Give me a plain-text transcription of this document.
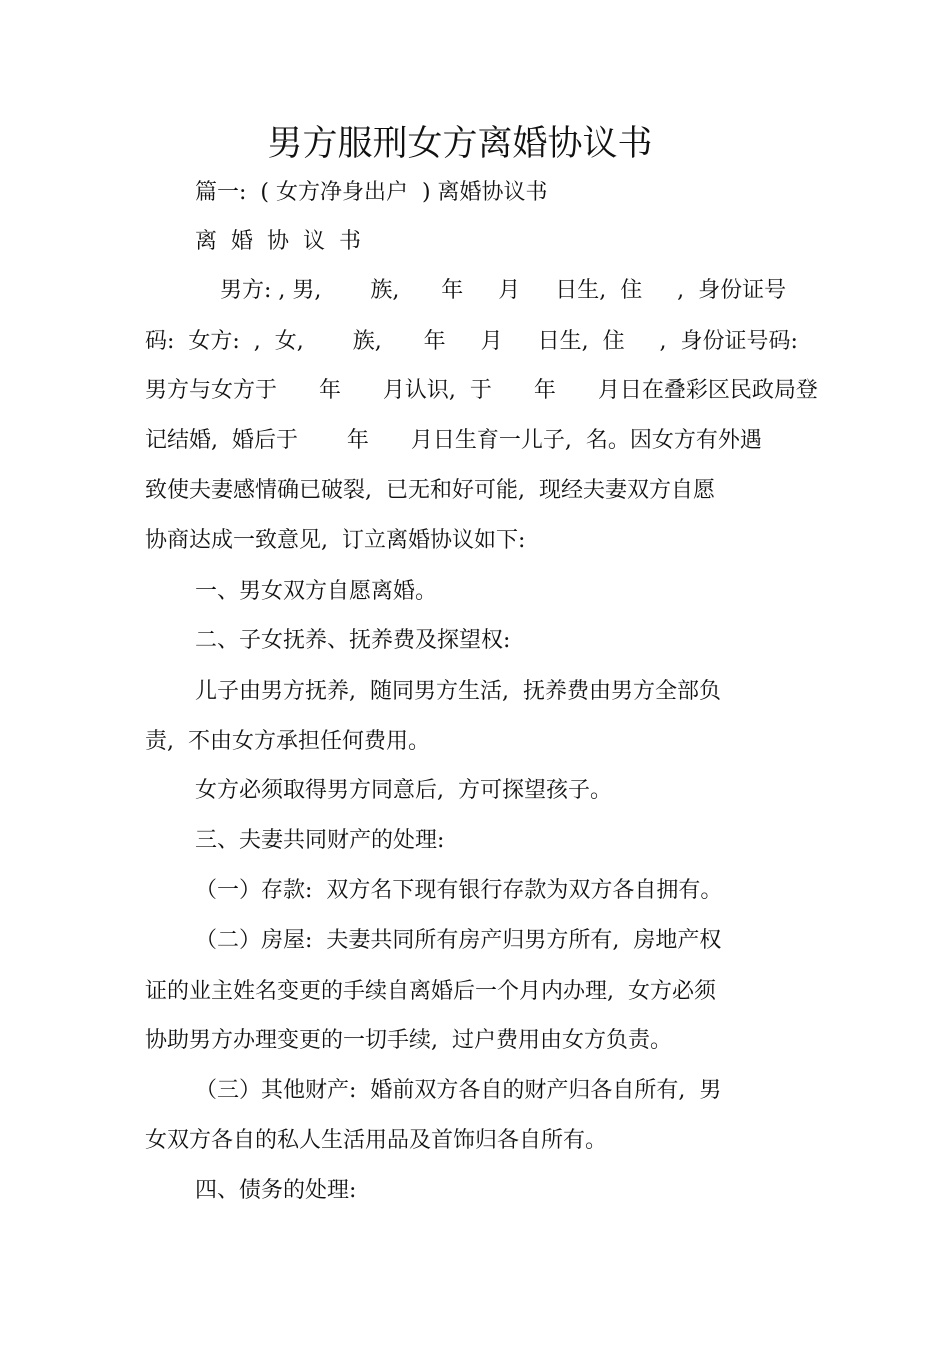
男方服刑女方离婚协议书
篇一:  ( 女方净身出户  ) 离婚协议书
离  婚  协  议  书
男方: , 男,       族,      年     月     日生,  住     ,  身份证号
码:  女方:  ,  女,       族,      年     月     日生,  住     ,  身份证号码:
男方与女方于      年      月认识,  于      年      月日在叠彩区民政局登
记结婚,  婚后于       年      月日生育一儿子,  名。因女方有外遇
致使夫妻感情确已破裂,  已无和好可能,  现经夫妻双方自愿
协商达成一致意见,  订立离婚协议如下:
一、男女双方自愿离婚。
二、子女抚养、抚养费及探望权:
儿子由男方抚养,  随同男方生活,  抚养费由男方全部负
责,  不由女方承担任何费用。
女方必须取得男方同意后,  方可探望孩子。
三、夫妻共同财产的处理:
（一）存款:  双方名下现有银行存款为双方各自拥有。
（二）房屋:  夫妻共同所有房产归男方所有,  房地产权
证的业主姓名变更的手续自离婚后一个月内办理,  女方必须
协助男方办理变更的一切手续,  过户费用由女方负责。
（三）其他财产:  婚前双方各自的财产归各自所有,  男
女双方各自的私人生活用品及首饰归各自所有。
四、债务的处理:
